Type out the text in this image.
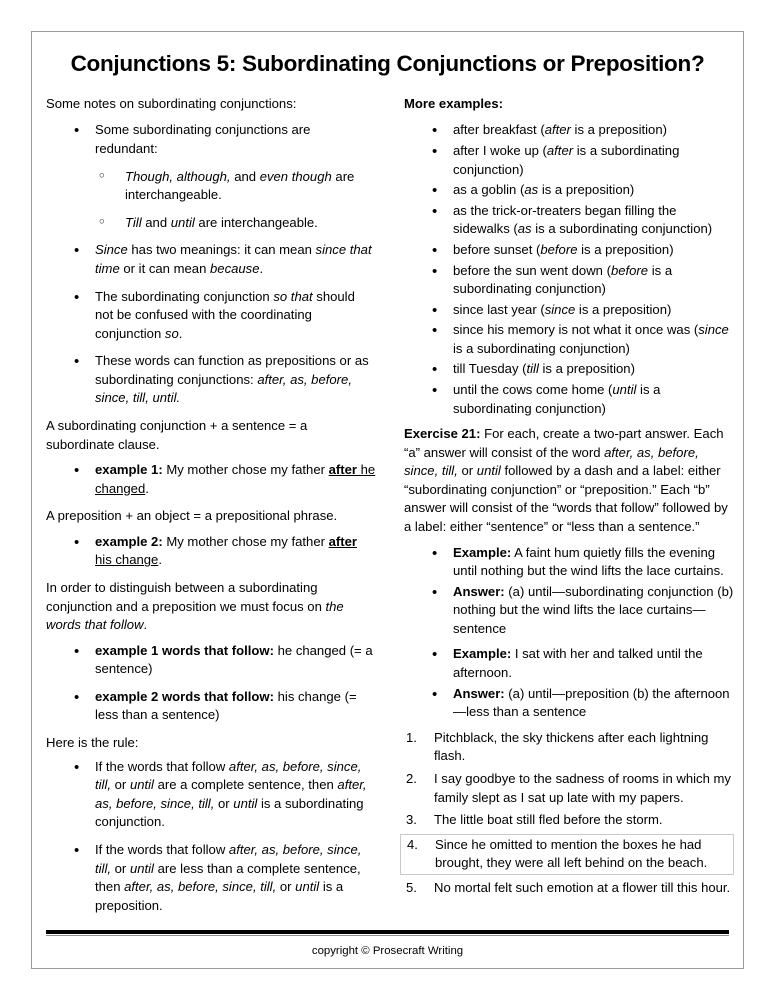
Conjunctions 5: Subordinating Conjunctions or Preposition?

Some notes on subordinating conjunctions:

• Some subordinating conjunctions are redundant:
○ Though, although, and even though are interchangeable.
○ Till and until are interchangeable.
• Since has two meanings: it can mean since that time or it can mean because.
• The subordinating conjunction so that should not be confused with the coordinating conjunction so.
• These words can function as prepositions or as subordinating conjunctions: after, as, before, since, till, until.

A subordinating conjunction + a sentence = a subordinate clause.

• example 1: My mother chose my father after he changed.

A preposition + an object = a prepositional phrase.

• example 2: My mother chose my father after his change.

In order to distinguish between a subordinating conjunction and a preposition we must focus on the words that follow.

• example 1 words that follow: he changed (= a sentence)
• example 2 words that follow: his change (= less than a sentence)

Here is the rule:

• If the words that follow after, as, before, since, till, or until are a complete sentence, then after, as, before, since, till, or until is a subordinating conjunction.
• If the words that follow after, as, before, since, till, or until are less than a complete sentence, then after, as, before, since, till, or until is a preposition.

More examples:

• after breakfast (after is a preposition)
• after I woke up (after is a subordinating conjunction)
• as a goblin (as is a preposition)
• as the trick-or-treaters began filling the sidewalks (as is a subordinating conjunction)
• before sunset (before is a preposition)
• before the sun went down (before is a subordinating conjunction)
• since last year (since is a preposition)
• since his memory is not what it once was (since is a subordinating conjunction)
• till Tuesday (till is a preposition)
• until the cows come home (until is a subordinating conjunction)

Exercise 21: For each, create a two-part answer. Each “a” answer will consist of the word after, as, before, since, till, or until followed by a dash and a label: either “subordinating conjunction” or “preposition.” Each “b” answer will consist of the “words that follow” followed by a label: either “sentence” or “less than a sentence.”

• Example: A faint hum quietly fills the evening until nothing but the wind lifts the lace curtains.
• Answer: (a) until—subordinating conjunction (b) nothing but the wind lifts the lace curtains—sentence
• Example: I sat with her and talked until the afternoon.
• Answer: (a) until—preposition (b) the afternoon—less than a sentence
1.	Pitchblack, the sky thickens after each lightning flash.
2.	I say goodbye to the sadness of rooms in which my family slept as I sat up late with my papers.
3.	The little boat still fled before the storm.
4.	Since he omitted to mention the boxes he had brought, they were all left behind on the beach.
5.	No mortal felt such emotion at a flower till this hour.
copyright © Prosecraft Writing
